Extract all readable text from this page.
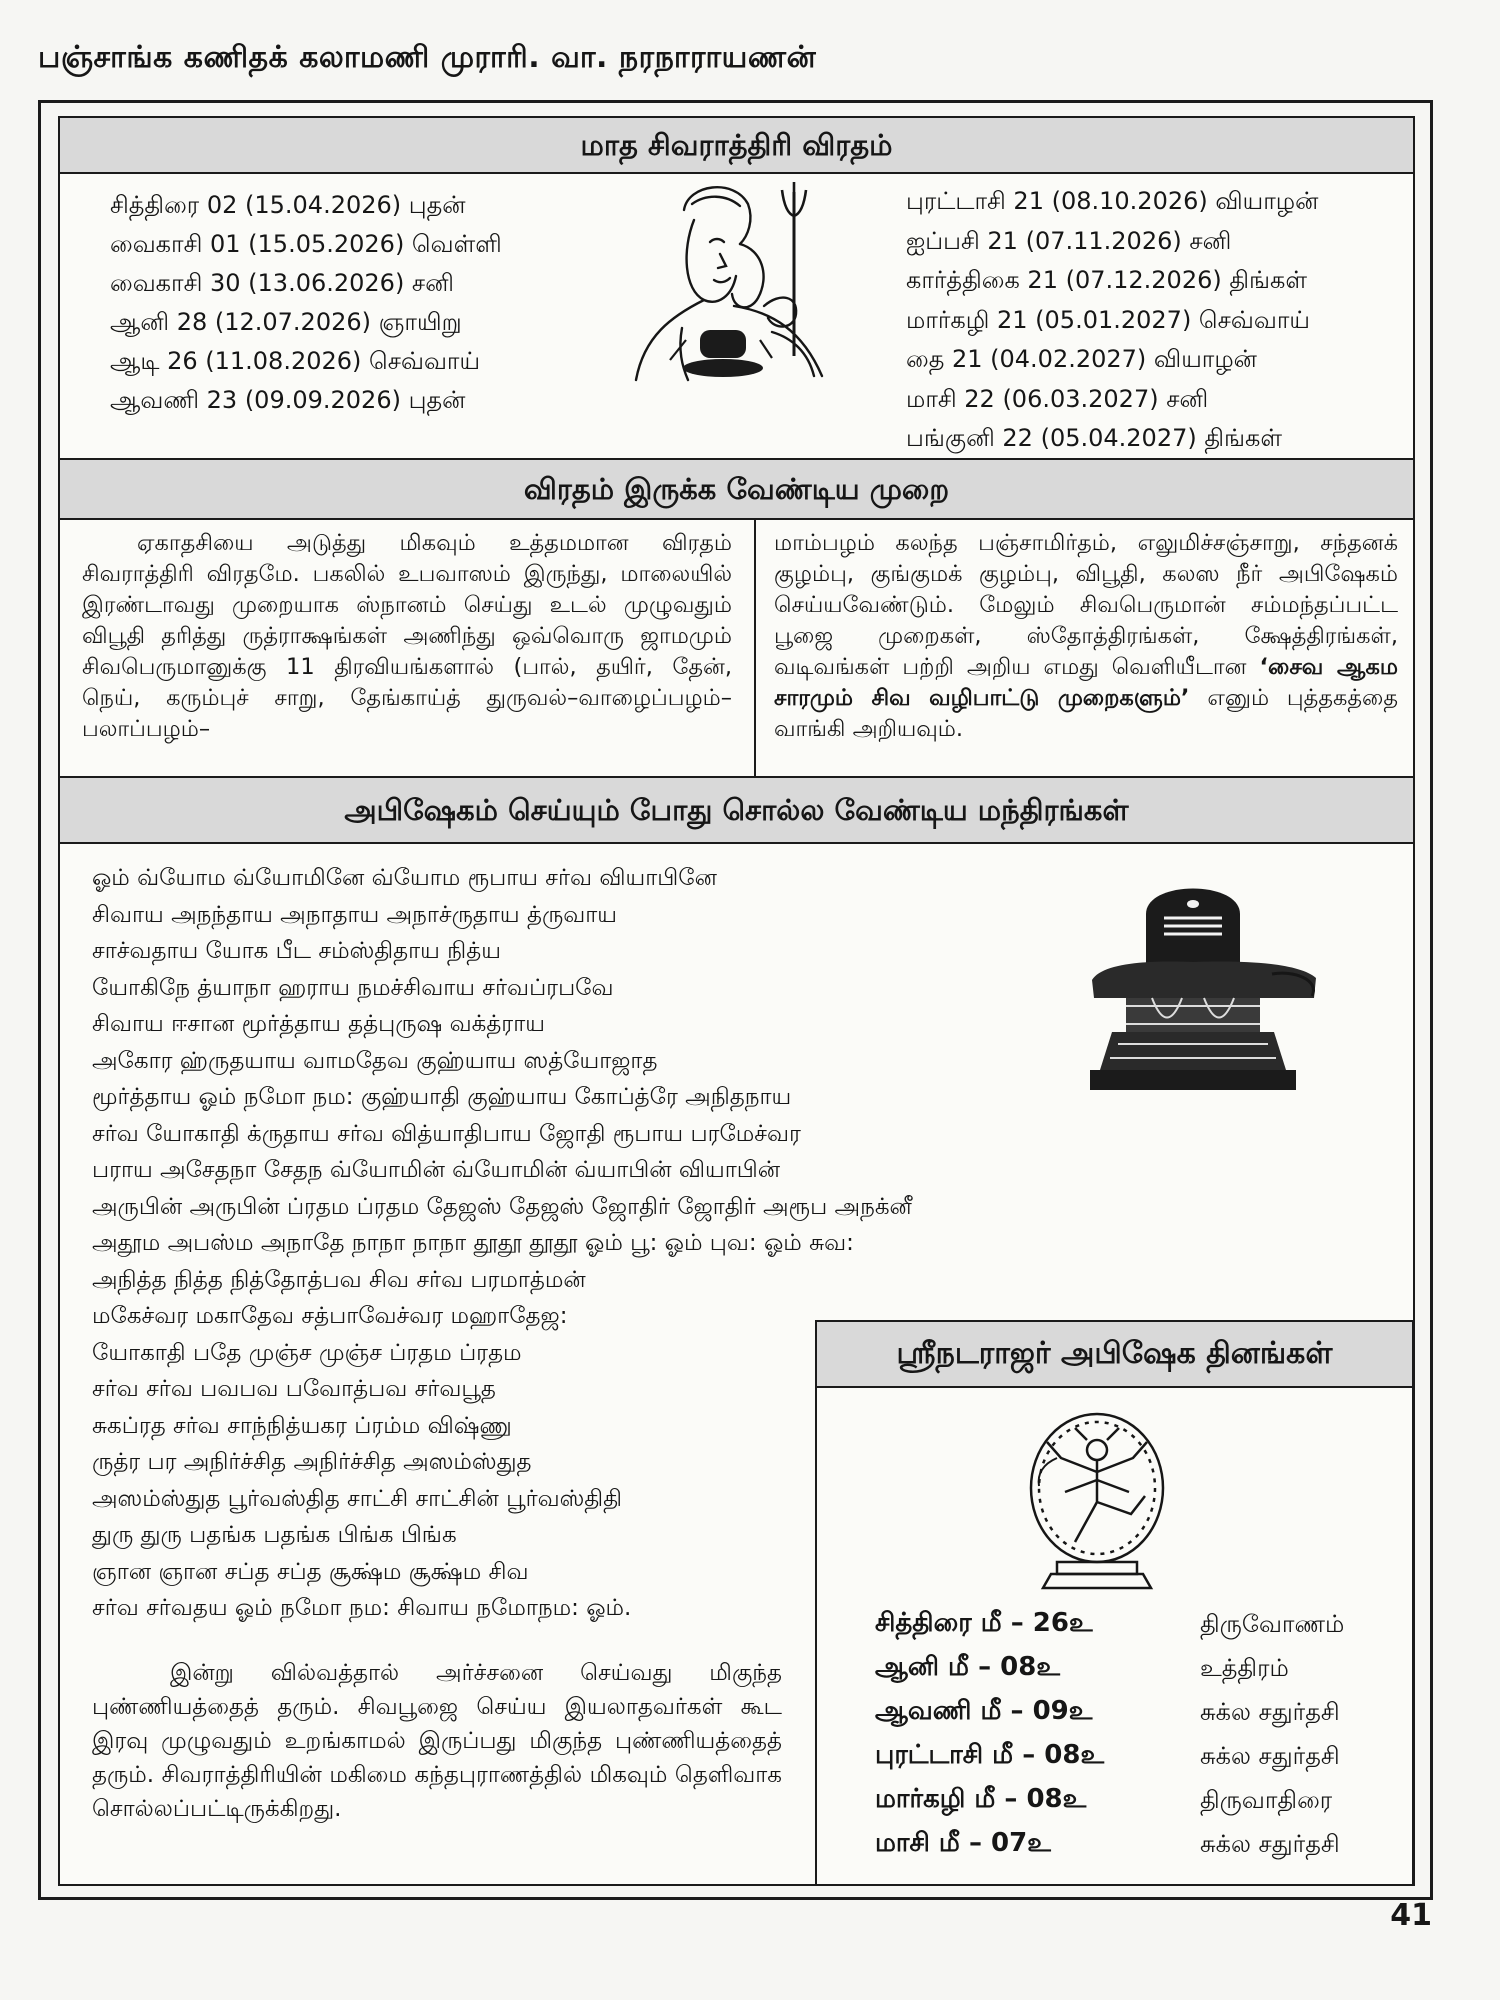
பஞ்சாங்க கணிதக் கலாமணி முராரி. வா. நரநாராயணன்
மாத சிவராத்திரி விரதம்
சித்திரை 02 (15.04.2026) புதன்
வைகாசி 01 (15.05.2026) வெள்ளி
வைகாசி 30 (13.06.2026) சனி
ஆனி 28 (12.07.2026) ஞாயிறு
ஆடி 26 (11.08.2026) செவ்வாய்
ஆவணி 23 (09.09.2026) புதன்
புரட்டாசி 21 (08.10.2026) வியாழன்
ஐப்பசி 21 (07.11.2026) சனி
கார்த்திகை 21 (07.12.2026) திங்கள்
மார்கழி 21 (05.01.2027) செவ்வாய்
தை 21 (04.02.2027) வியாழன்
மாசி 22 (06.03.2027) சனி
பங்குனி 22 (05.04.2027) திங்கள்
விரதம் இருக்க வேண்டிய முறை
ஏகாதசியை அடுத்து மிகவும் உத்தமமான விரதம் சிவராத்திரி விரதமே. பகலில் உபவாஸம் இருந்து, மாலையில் இரண்டாவது முறையாக ஸ்நானம் செய்து உடல் முழுவதும் விபூதி தரித்து ருத்ராக்ஷங்கள் அணிந்து ஒவ்வொரு ஜாமமும் சிவபெருமானுக்கு 11 திரவியங்களால் (பால், தயிர், தேன், நெய், கரும்புச் சாறு, தேங்காய்த் துருவல்–வாழைப்பழம்–பலாப்பழம்–
மாம்பழம் கலந்த பஞ்சாமிர்தம், எலுமிச்சஞ்சாறு, சந்தனக் குழம்பு, குங்குமக் குழம்பு, விபூதி, கலஸ நீர் அபிஷேகம் செய்யவேண்டும். மேலும் சிவபெருமான் சம்மந்தப்பட்ட பூஜை முறைகள், ஸ்தோத்திரங்கள், க்ஷேத்திரங்கள், வடிவங்கள் பற்றி அறிய எமது வெளியீடான ‘சைவ ஆகம சாரமும் சிவ வழிபாட்டு முறைகளும்’ எனும் புத்தகத்தை வாங்கி அறியவும்.
அபிஷேகம் செய்யும் போது சொல்ல வேண்டிய மந்திரங்கள்
ஓம் வ்யோம வ்யோமினே வ்யோம ரூபாய சர்வ வியாபினே
சிவாய அநந்தாய அநாதாய அநாச்ருதாய த்ருவாய
சாச்வதாய யோக பீட சம்ஸ்திதாய நித்ய
யோகிநே த்யாநா ஹராய நமச்சிவாய சர்வப்ரபவே
சிவாய ஈசான மூர்த்தாய தத்புருஷ வக்த்ராய
அகோர ஹ்ருதயாய வாமதேவ குஹ்யாய ஸத்யோஜாத
மூர்த்தாய ஓம் நமோ நம: குஹ்யாதி குஹ்யாய கோப்த்ரே அநிதநாய
சர்வ யோகாதி க்ருதாய சர்வ வித்யாதிபாய ஜோதி ரூபாய பரமேச்வர
பராய அசேதநா சேதந வ்யோமின் வ்யோமின் வ்யாபின் வியாபின்
அருபின் அருபின் ப்ரதம ப்ரதம தேஜஸ் தேஜஸ் ஜோதிர் ஜோதிர் அரூப அநக்னீ
அதூம அபஸ்ம அநாதே நாநா நாநா தூதூ தூதூ ஓம் பூ: ஓம் புவ: ஓம் சுவ:
அநித்த நித்த நித்தோத்பவ சிவ சர்வ பரமாத்மன்
மகேச்வர மகாதேவ சத்பாவேச்வர மஹாதேஜ:
யோகாதி பதே முஞ்ச முஞ்ச ப்ரதம ப்ரதம
சர்வ சர்வ பவபவ பவோத்பவ சர்வபூத
சுகப்ரத சர்வ சாந்நித்யகர ப்ரம்ம விஷ்ணு
ருத்ர பர அநிர்ச்சித அநிர்ச்சித அஸம்ஸ்துத
அஸம்ஸ்துத பூர்வஸ்தித சாட்சி சாட்சின் பூர்வஸ்திதி
துரு துரு பதங்க பதங்க பிங்க பிங்க
ஞான ஞான சப்த சப்த சூக்ஷ்ம சூக்ஷ்ம சிவ
சர்வ சர்வதய ஓம் நமோ நம: சிவாய நமோநம: ஓம்.
இன்று வில்வத்தால் அர்ச்சனை செய்வது மிகுந்த புண்ணியத்தைத் தரும். சிவபூஜை செய்ய இயலாதவர்கள் கூட இரவு முழுவதும் உறங்காமல் இருப்பது மிகுந்த புண்ணியத்தைத் தரும். சிவராத்திரியின் மகிமை கந்தபுராணத்தில் மிகவும் தெளிவாக சொல்லப்பட்டிருக்கிறது.
ஸ்ரீநடராஜர் அபிஷேக தினங்கள்
சித்திரை மீ – 26உ	திருவோணம்
ஆனி மீ – 08உ	உத்திரம்
ஆவணி மீ – 09உ	சுக்ல சதுர்தசி
புரட்டாசி மீ – 08உ	சுக்ல சதுர்தசி
மார்கழி மீ – 08உ	திருவாதிரை
மாசி மீ – 07உ	சுக்ல சதுர்தசி
41
